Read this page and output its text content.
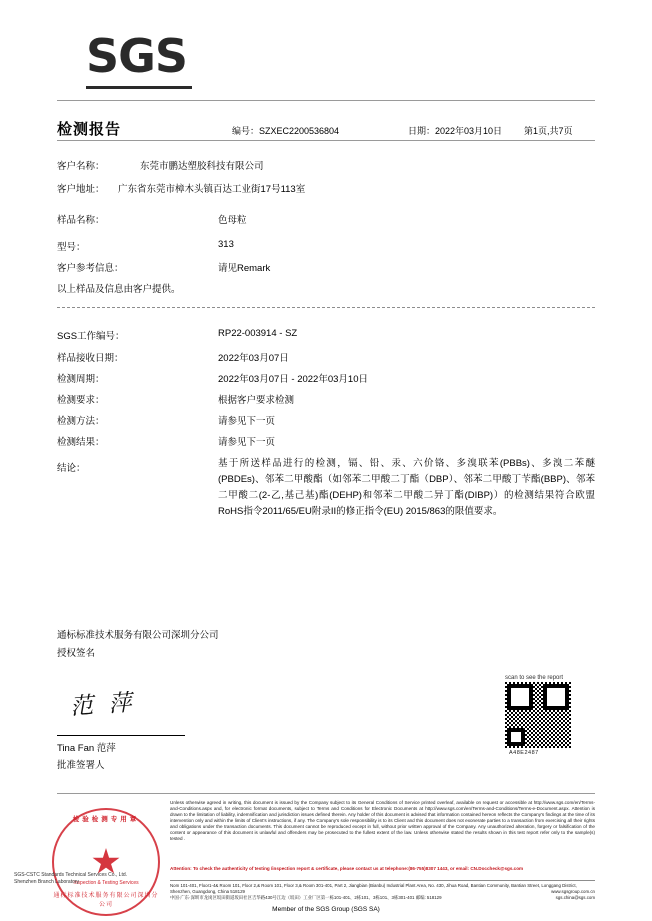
SGS
检测报告	编号：SZXEC2200536804	日期：2022年03月10日 第1页,共7页
客户名称：	东莞市鹏达塑胶科技有限公司
客户地址： 广东省东莞市樟木头镇百达工业街17号113室
样品名称：	色母粒
型号：	313
客户参考信息：	请见Remark
以上样品及信息由客户提供。
SGS工作编号：	RP22-003914 - SZ
样品接收日期：	2022年03月07日
检测周期：	2022年03月07日 - 2022年03月10日
检测要求：	根据客户要求检测
检测方法：	请参见下一页
检测结果：	请参见下一页
结论：	基于所送样品进行的检测，镉、铅、汞、六价铬、多溴联苯(PBBs)、多溴二苯醚(PBDEs)、邻苯二甲酸酯（如邻苯二甲酸二丁酯（DBP）、邻苯二甲酸丁苄酯(BBP)、邻苯二甲酸二(2-乙,基己基)酯(DEHP)和邻苯二甲酸二异丁酯(DIBP)）的检测结果符合欧盟RoHS指令2011/65/EU附录II的修正指令(EU) 2015/863的限值要求。
通标标准技术服务有限公司深圳分公司
授权签名
范 萍
Tina Fan 范萍
批准签署人
scan to see the report
A48E2487
Unless otherwise agreed in writing, this document is issued by the Company subject to its General Conditions of Service printed overleaf, available on request or accessible at http://www.sgs.com/en/Terms-and-Conditions.aspx and, for electronic format documents, subject to Terms and Conditions for Electronic Documents at http://www.sgs.com/en/Terms-and-Conditions/Terms-e-Document.aspx. Attention is drawn to the limitation of liability, indemnification and jurisdiction issues defined therein. Any holder of this document is advised that information contained hereon reflects the Company's findings at the time of its intervention only and within the limits of Client's instructions, if any. The Company's sole responsibility is to its Client and this document does not exonerate parties to a transaction from exercising all their rights and obligations under the transaction documents. This document cannot be reproduced except in full, without prior written approval of the Company. Any unauthorized alteration, forgery or falsification of the content or appearance of this document is unlawful and offenders may be prosecuted to the fullest extent of the law. Unless otherwise stated the results shown in this test report refer only to the sample(s) tested .
Attention: To check the authenticity of testing /inspection report & certificate, please contact us at telephone:(86-755)8307 1443, or email: CN.Doccheck@sgs.com
Nom 101-401, Floor1-4& Room 101, Floor 2,& Room 101, Floor 3,& Room 301-401, Part 2, Jiangbian (Bianbu) Industrial Plant Area, No. 430, Jihua Road, Bantian Community, Bantian Street, Longgang District, Shenzhen, Guangdong, China 518129
中国·广东·深圳市龙岗区坂田街道坂田社区吉华路430号江边（坂田）工业厂区第一栋101-401、2栋101、3栋101、3栋301-401 邮编: 518129
www.sgsgroup.com.cn
sgs.china@sgs.com
Member of the SGS Group (SGS SA)
检验检测专用章
Inspection & Testing Services
通标标准技术服务有限公司深圳分公司
SGS-CSTC Standards Technical Services Co., Ltd.
Shenzhen Branch Laboratory
